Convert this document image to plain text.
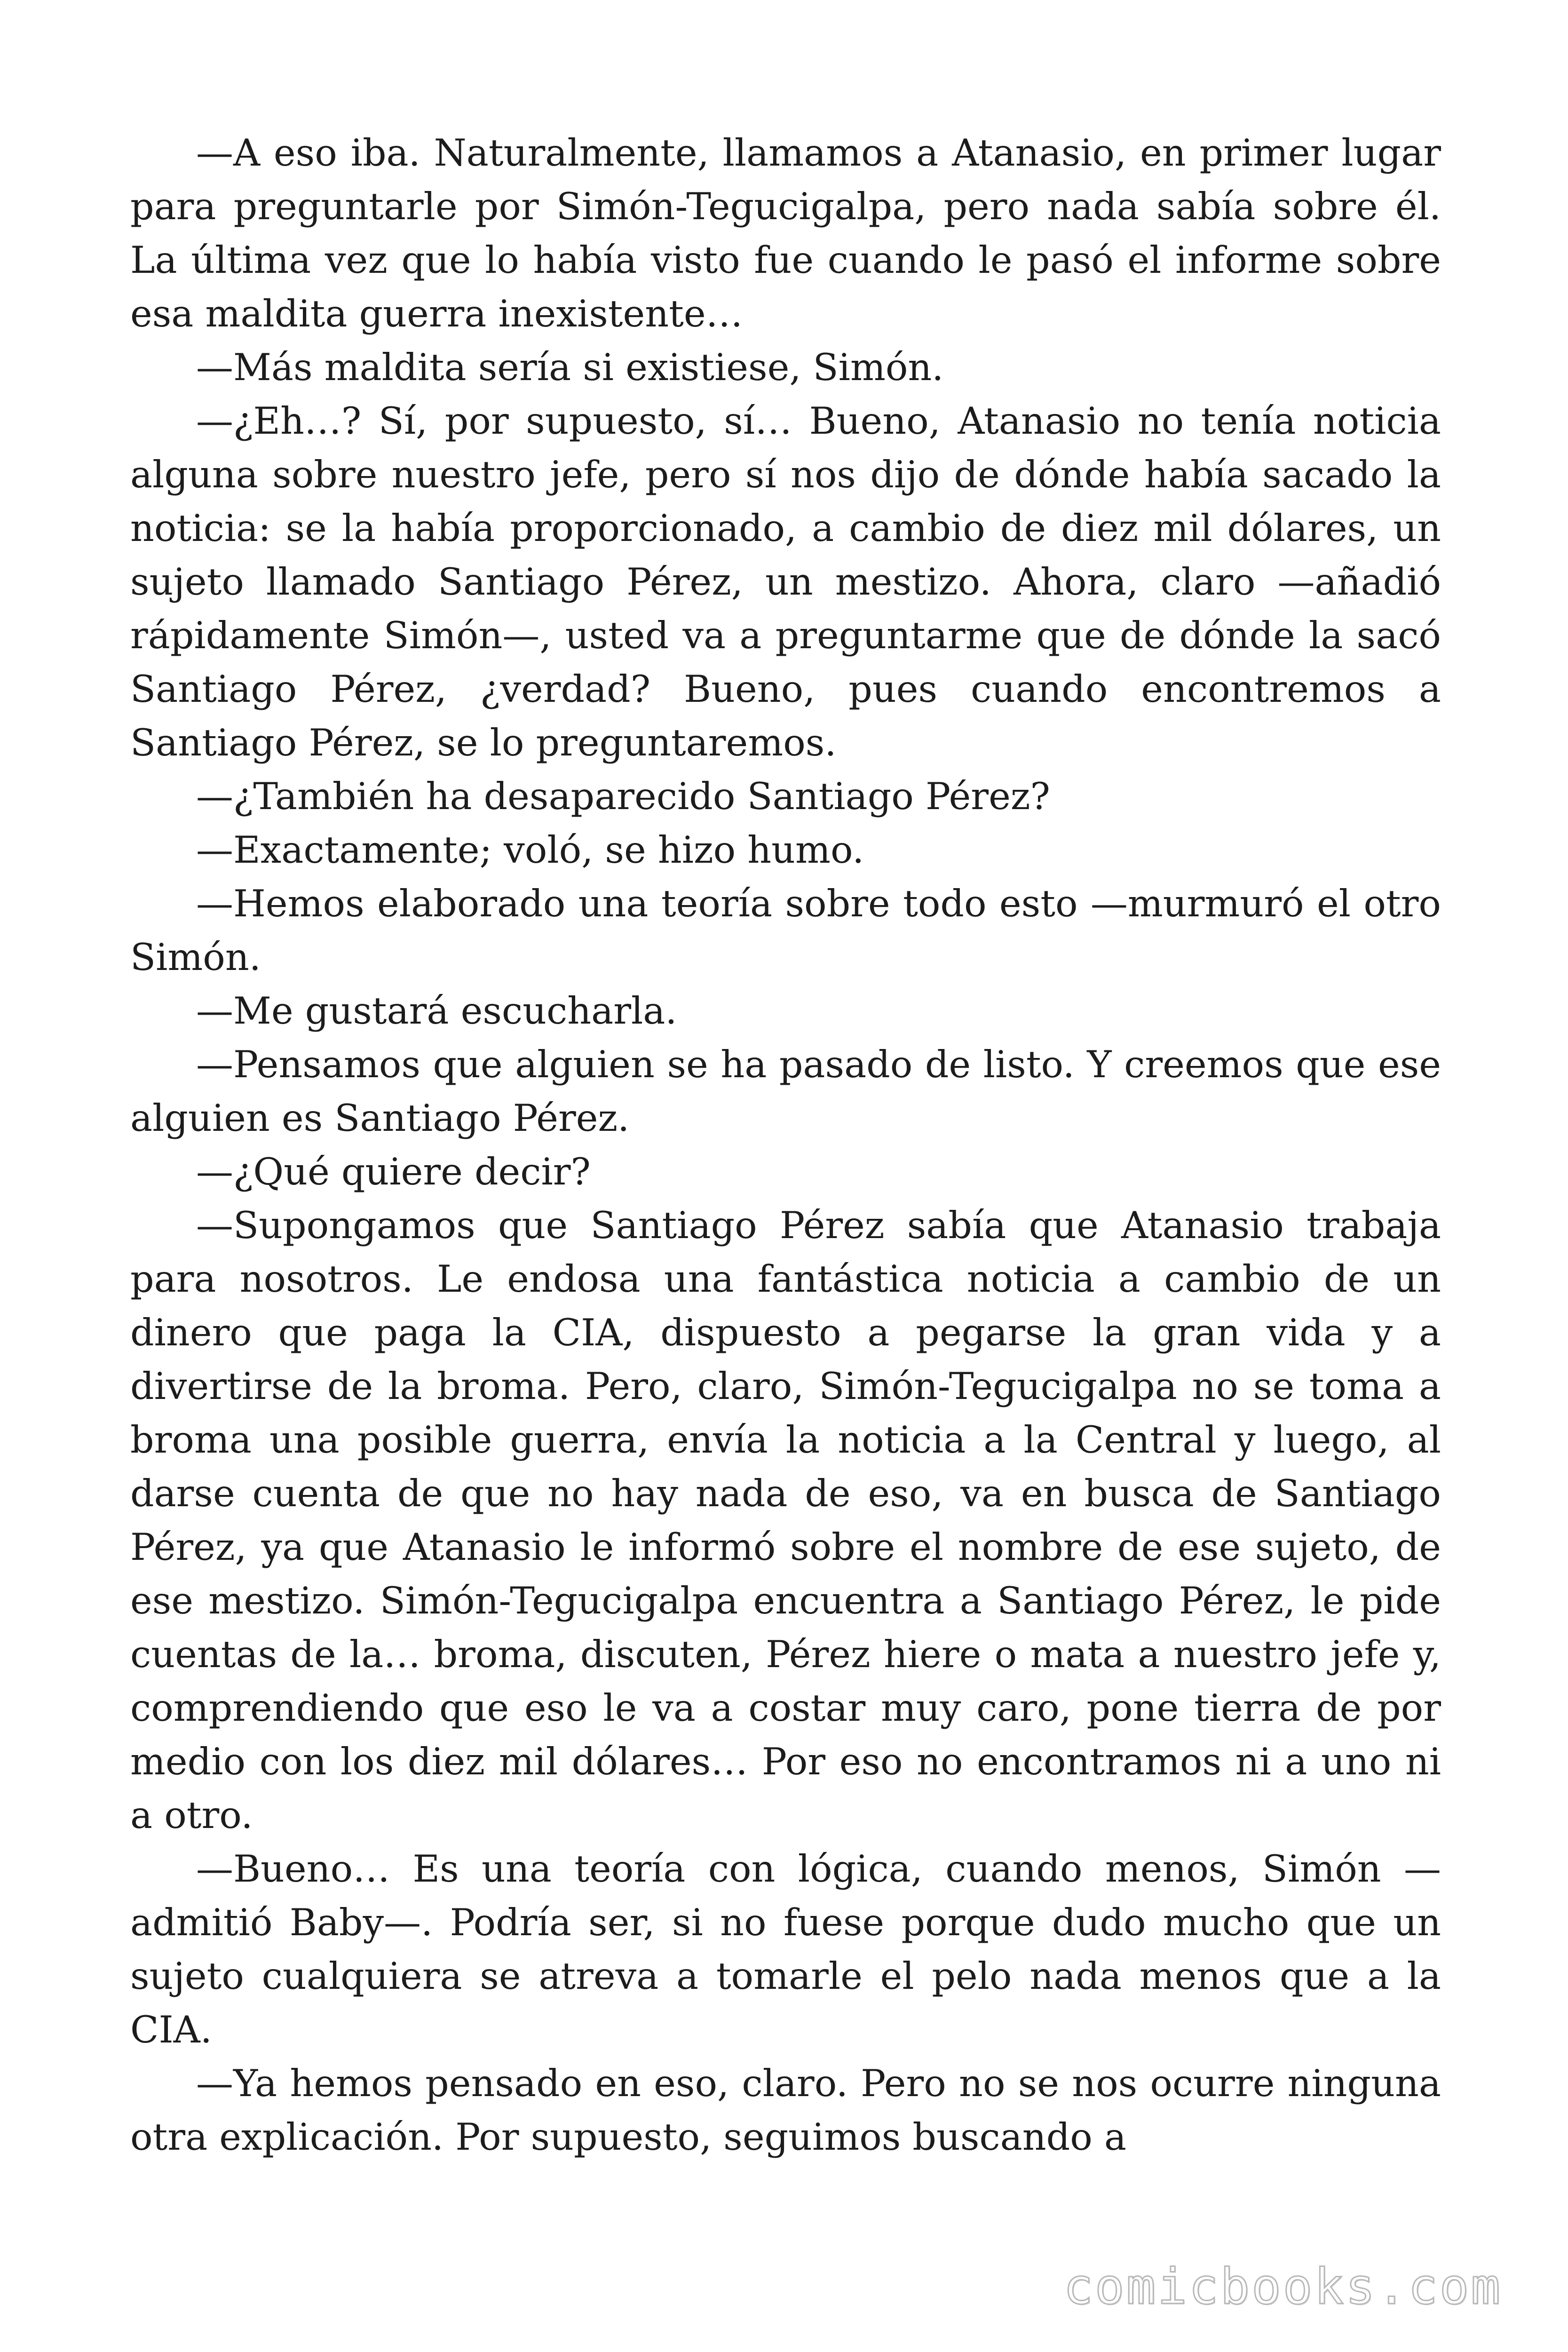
—A eso iba. Naturalmente, llamamos a Atanasio, en primer lugar para preguntarle por Simón-Tegucigalpa, pero nada sabía sobre él. La última vez que lo había visto fue cuando le pasó el informe sobre esa maldita guerra inexistente…

—Más maldita sería si existiese, Simón.

—¿Eh…? Sí, por supuesto, sí… Bueno, Atanasio no tenía noticia alguna sobre nuestro jefe, pero sí nos dijo de dónde había sacado la noticia: se la había proporcionado, a cambio de diez mil dólares, un sujeto llamado Santiago Pérez, un mestizo. Ahora, claro —añadió rápidamente Simón—, usted va a preguntarme que de dónde la sacó Santiago Pérez, ¿verdad? Bueno, pues cuando encontremos a Santiago Pérez, se lo preguntaremos.

—¿También ha desaparecido Santiago Pérez?

—Exactamente; voló, se hizo humo.

—Hemos elaborado una teoría sobre todo esto —murmuró el otro Simón.

—Me gustará escucharla.

—Pensamos que alguien se ha pasado de listo. Y creemos que ese alguien es Santiago Pérez.

—¿Qué quiere decir?

—Supongamos que Santiago Pérez sabía que Atanasio trabaja para nosotros. Le endosa una fantástica noticia a cambio de un dinero que paga la CIA, dispuesto a pegarse la gran vida y a divertirse de la broma. Pero, claro, Simón-Tegucigalpa no se toma a broma una posible guerra, envía la noticia a la Central y luego, al darse cuenta de que no hay nada de eso, va en busca de Santiago Pérez, ya que Atanasio le informó sobre el nombre de ese sujeto, de ese mestizo. Simón-Tegucigalpa encuentra a Santiago Pérez, le pide cuentas de la… broma, discuten, Pérez hiere o mata a nuestro jefe y, comprendiendo que eso le va a costar muy caro, pone tierra de por medio con los diez mil dólares… Por eso no encontramos ni a uno ni a otro.

—Bueno… Es una teoría con lógica, cuando menos, Simón —admitió Baby—. Podría ser, si no fuese porque dudo mucho que un sujeto cualquiera se atreva a tomarle el pelo nada menos que a la CIA.

—Ya hemos pensado en eso, claro. Pero no se nos ocurre ninguna otra explicación. Por supuesto, seguimos buscando a

comicbooks.com
